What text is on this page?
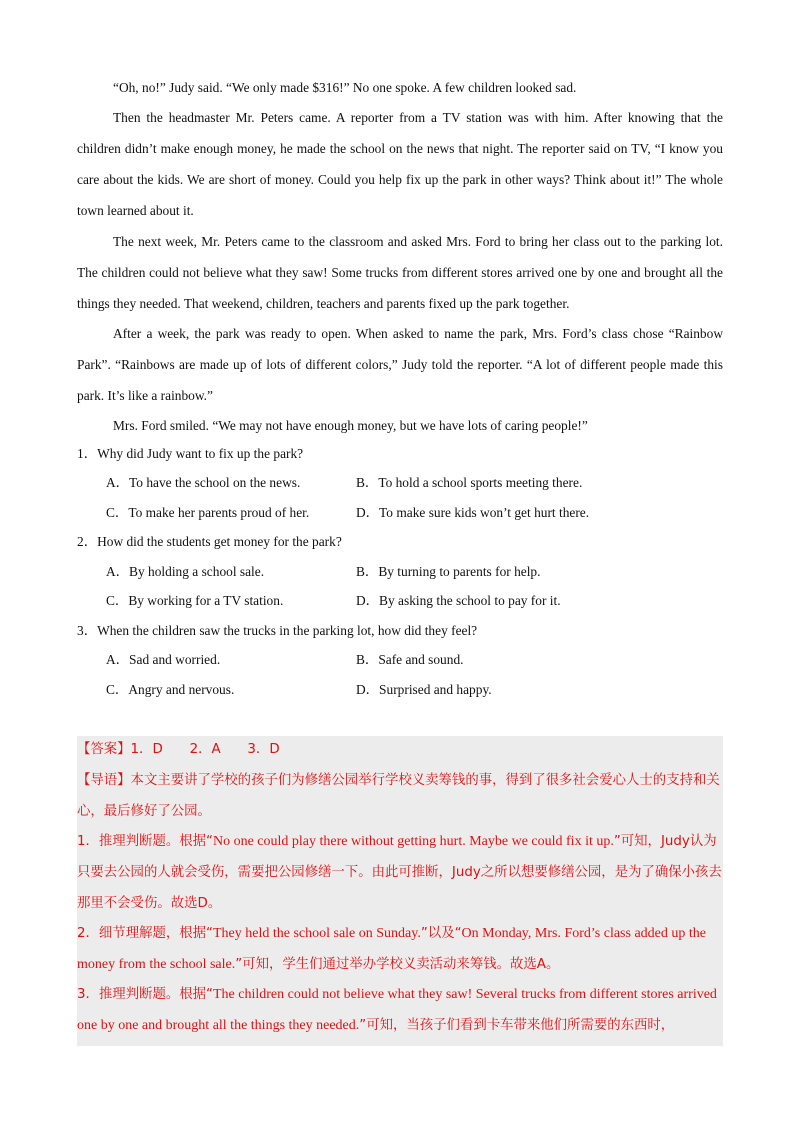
“Oh, no!” Judy said. “We only made $316!” No one spoke. A few children looked sad.

Then the headmaster Mr. Peters came. A reporter from a TV station was with him. After knowing that the children didn’t make enough money, he made the school on the news that night. The reporter said on TV, “I know you care about the kids. We are short of money. Could you help fix up the park in other ways? Think about it!” The whole town learned about it.

The next week, Mr. Peters came to the classroom and asked Mrs. Ford to bring her class out to the parking lot. The children could not believe what they saw! Some trucks from different stores arrived one by one and brought all the things they needed. That weekend, children, teachers and parents fixed up the park together.

After a week, the park was ready to open. When asked to name the park, Mrs. Ford’s class chose “Rainbow Park”. “Rainbows are made up of lots of different colors,” Judy told the reporter. “A lot of different people made this park. It’s like a rainbow.”

Mrs. Ford smiled. “We may not have enough money, but we have lots of caring people!”

1．Why did Judy want to fix up the park?
A．To have the school on the news.	B．To hold a school sports meeting there.
C．To make her parents proud of her.	D．To make sure kids won’t get hurt there.
2．How did the students get money for the park?
A．By holding a school sale.	B．By turning to parents for help.
C．By working for a TV station.	D．By asking the school to pay for it.
3．When the children saw the trucks in the parking lot, how did they feel?
A．Sad and worried.	B．Safe and sound.
C．Angry and nervous.	D．Surprised and happy.

【答案】1．D　　2．A　　3．D

【导语】本文主要讲了学校的孩子们为修缮公园举行学校义卖筹钱的事，得到了很多社会爱心人士的支持和关心，最后修好了公园。

1．推理判断题。根据“No one could play there without getting hurt. Maybe we could fix it up.”可知，Judy认为只要去公园的人就会受伤，需要把公园修缮一下。由此可推断，Judy之所以想要修缮公园，是为了确保小孩去那里不会受伤。故选D。

2．细节理解题，根据“They held the school sale on Sunday.”以及“On Monday, Mrs. Ford’s class added up the money from the school sale.”可知，学生们通过举办学校义卖活动来筹钱。故选A。

3．推理判断题。根据“The children could not believe what they saw! Several trucks from different stores arrived one by one and brought all the things they needed.”可知，当孩子们看到卡车带来他们所需要的东西时，
